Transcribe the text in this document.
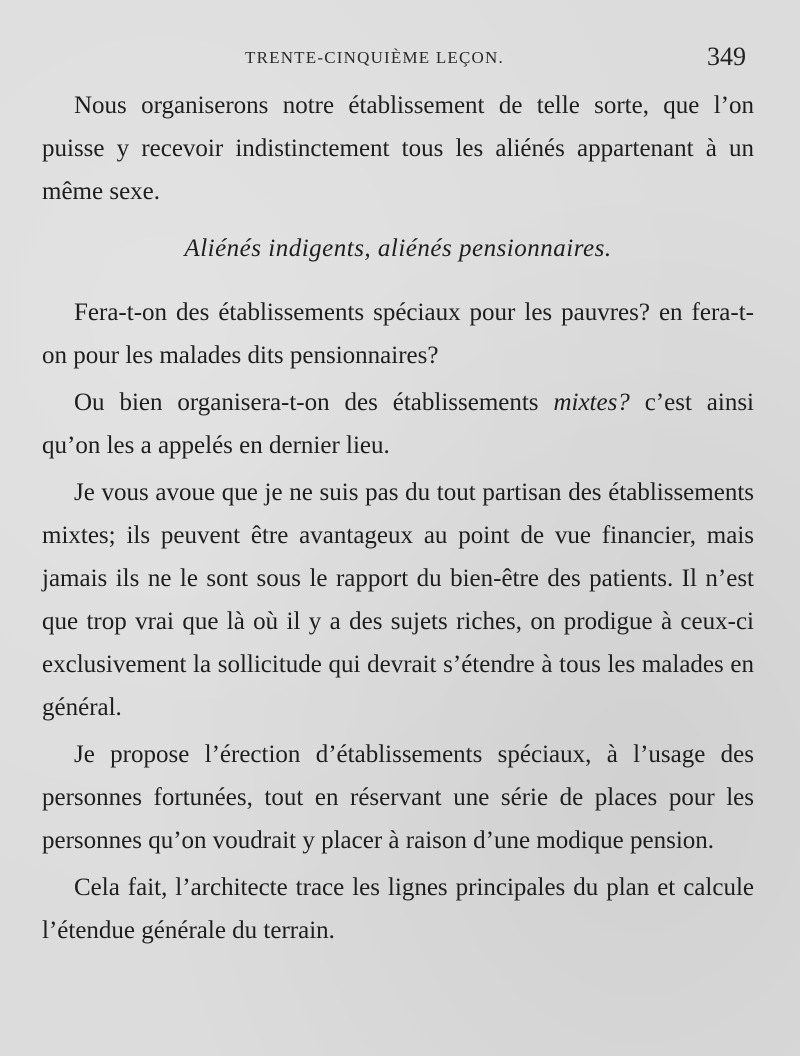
TRENTE-CINQUIÈME LEÇON.	349

Nous organiserons notre établissement de telle sorte, que l’on puisse y recevoir indistinctement tous les aliénés appartenant à un même sexe.

Aliénés indigents, aliénés pensionnaires.

Fera-t-on des établissements spéciaux pour les pauvres? en fera-t-on pour les malades dits pensionnaires?

Ou bien organisera-t-on des établissements mixtes? c’est ainsi qu’on les a appelés en dernier lieu.

Je vous avoue que je ne suis pas du tout partisan des établissements mixtes; ils peuvent être avantageux au point de vue financier, mais jamais ils ne le sont sous le rapport du bien-être des patients. Il n’est que trop vrai que là où il y a des sujets riches, on prodigue à ceux-ci exclusivement la sollicitude qui devrait s’étendre à tous les malades en général.

Je propose l’érection d’établissements spéciaux, à l’usage des personnes fortunées, tout en réservant une série de places pour les personnes qu’on voudrait y placer à raison d’une modique pension.

Cela fait, l’architecte trace les lignes principales du plan et calcule l’étendue générale du terrain.
